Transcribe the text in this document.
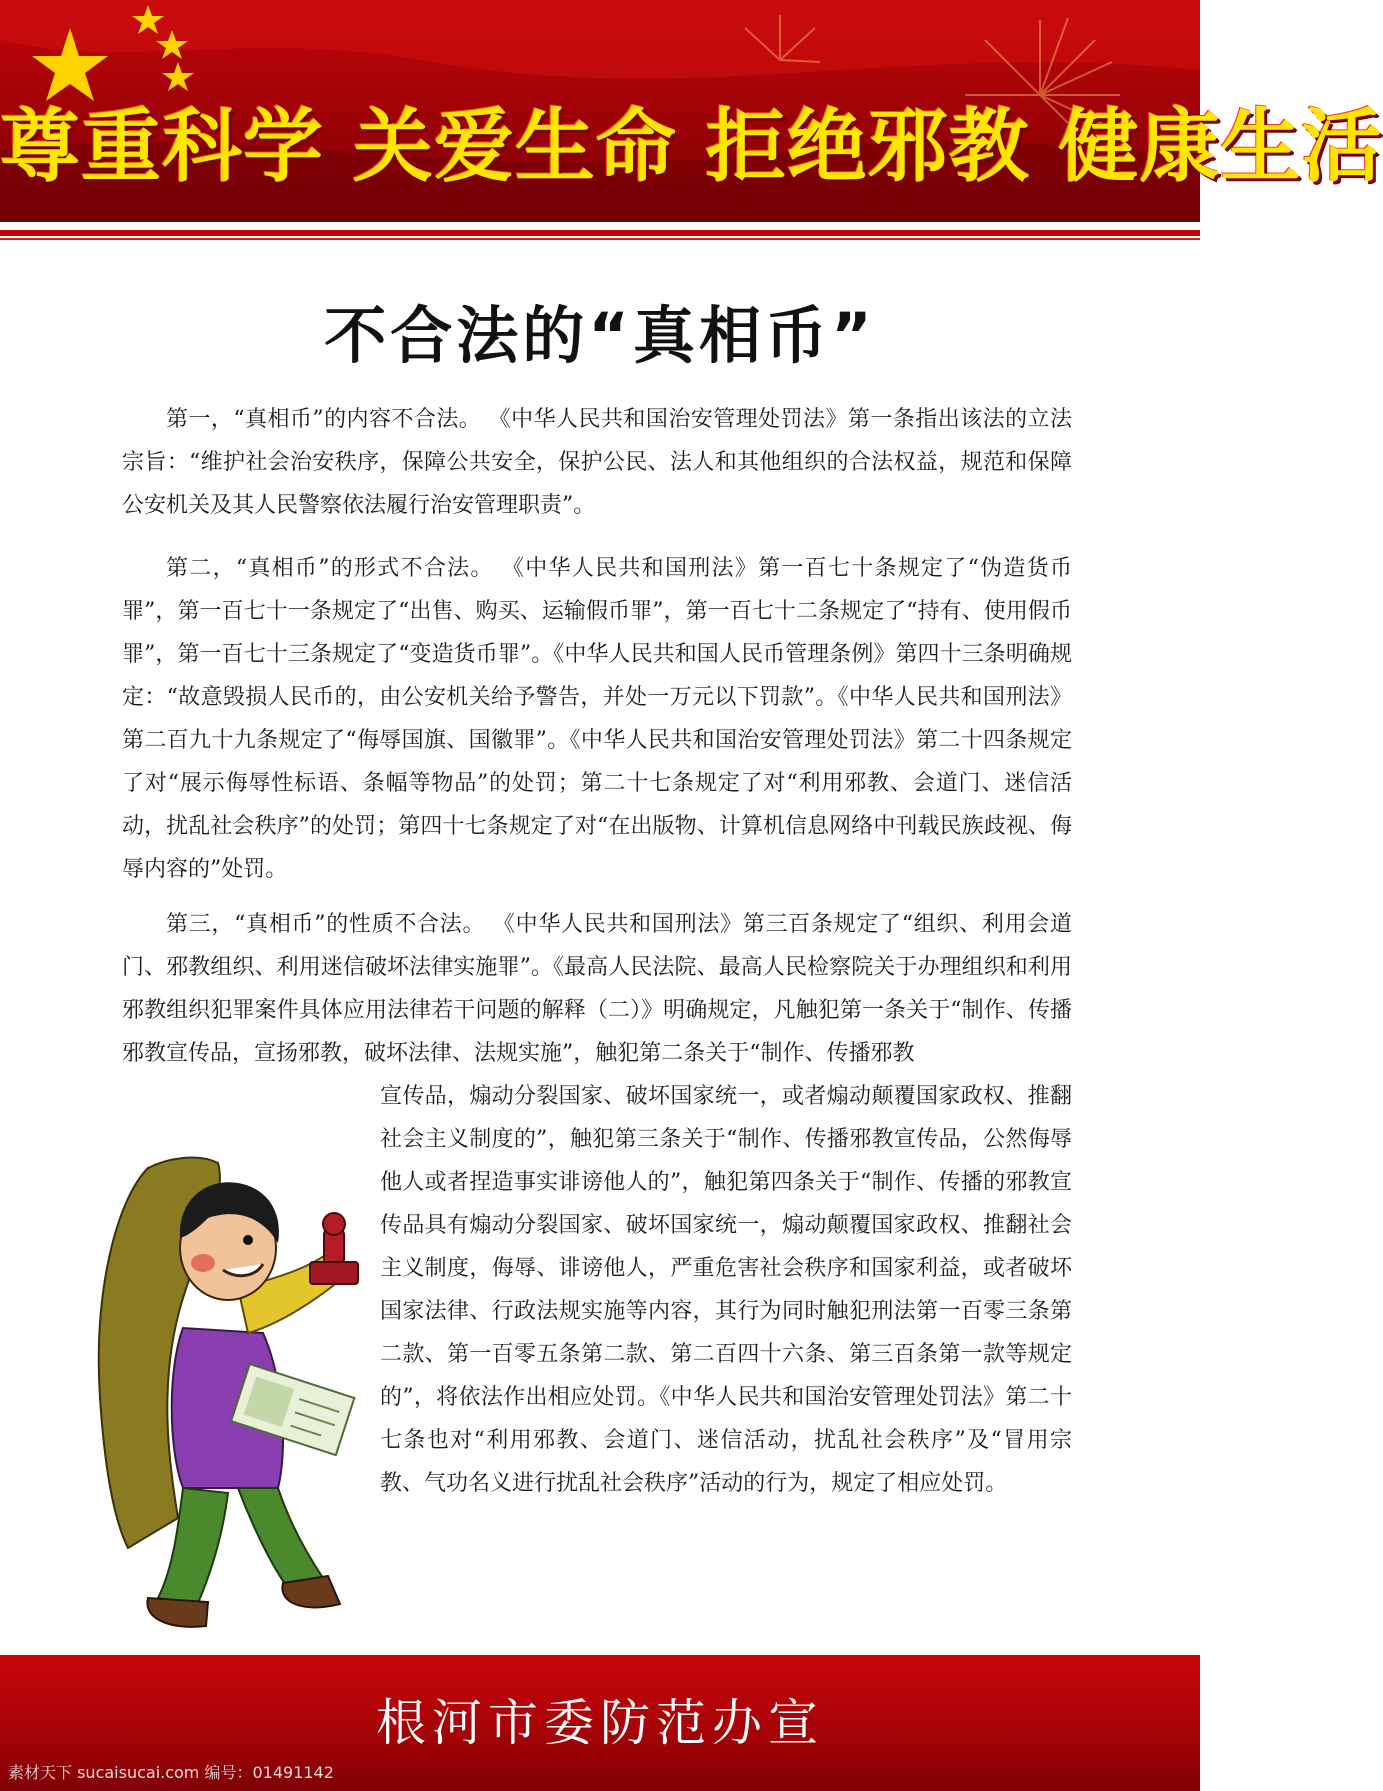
尊重科学 关爱生命 拒绝邪教 健康生活
不合法的“真相币”

第一，“真相币”的内容不合法。 《中华人民共和国治安管理处罚法》第一条指出该法的立法宗旨：“维护社会治安秩序，保障公共安全，保护公民、法人和其他组织的合法权益，规范和保障公安机关及其人民警察依法履行治安管理职责”。

第二，“真相币”的形式不合法。 《中华人民共和国刑法》第一百七十条规定了“伪造货币罪”，第一百七十一条规定了“出售、购买、运输假币罪”，第一百七十二条规定了“持有、使用假币罪”，第一百七十三条规定了“变造货币罪”。《中华人民共和国人民币管理条例》第四十三条明确规定：“故意毁损人民币的，由公安机关给予警告，并处一万元以下罚款”。《中华人民共和国刑法》第二百九十九条规定了“侮辱国旗、国徽罪”。《中华人民共和国治安管理处罚法》第二十四条规定了对“展示侮辱性标语、条幅等物品”的处罚；第二十七条规定了对“利用邪教、会道门、迷信活动，扰乱社会秩序”的处罚；第四十七条规定了对“在出版物、计算机信息网络中刊载民族歧视、侮辱内容的”处罚。

第三，“真相币”的性质不合法。 《中华人民共和国刑法》第三百条规定了“组织、利用会道门、邪教组织、利用迷信破坏法律实施罪”。《最高人民法院、最高人民检察院关于办理组织和利用邪教组织犯罪案件具体应用法律若干问题的解释（二）》明确规定，凡触犯第一条关于“制作、传播邪教宣传品，宣扬邪教，破坏法律、法规实施”，触犯第二条关于“制作、传播邪教

宣传品，煽动分裂国家、破坏国家统一，或者煽动颠覆国家政权、推翻社会主义制度的”，触犯第三条关于“制作、传播邪教宣传品，公然侮辱他人或者捏造事实诽谤他人的”，触犯第四条关于“制作、传播的邪教宣传品具有煽动分裂国家、破坏国家统一，煽动颠覆国家政权、推翻社会主义制度，侮辱、诽谤他人，严重危害社会秩序和国家利益，或者破坏国家法律、行政法规实施等内容，其行为同时触犯刑法第一百零三条第二款、第一百零五条第二款、第二百四十六条、第三百条第一款等规定的”，将依法作出相应处罚。《中华人民共和国治安管理处罚法》第二十七条也对“利用邪教、会道门、迷信活动，扰乱社会秩序”及“冒用宗教、气功名义进行扰乱社会秩序”活动的行为，规定了相应处罚。

根河市委防范办宣
素材天下 sucaisucai.com 编号：01491142
